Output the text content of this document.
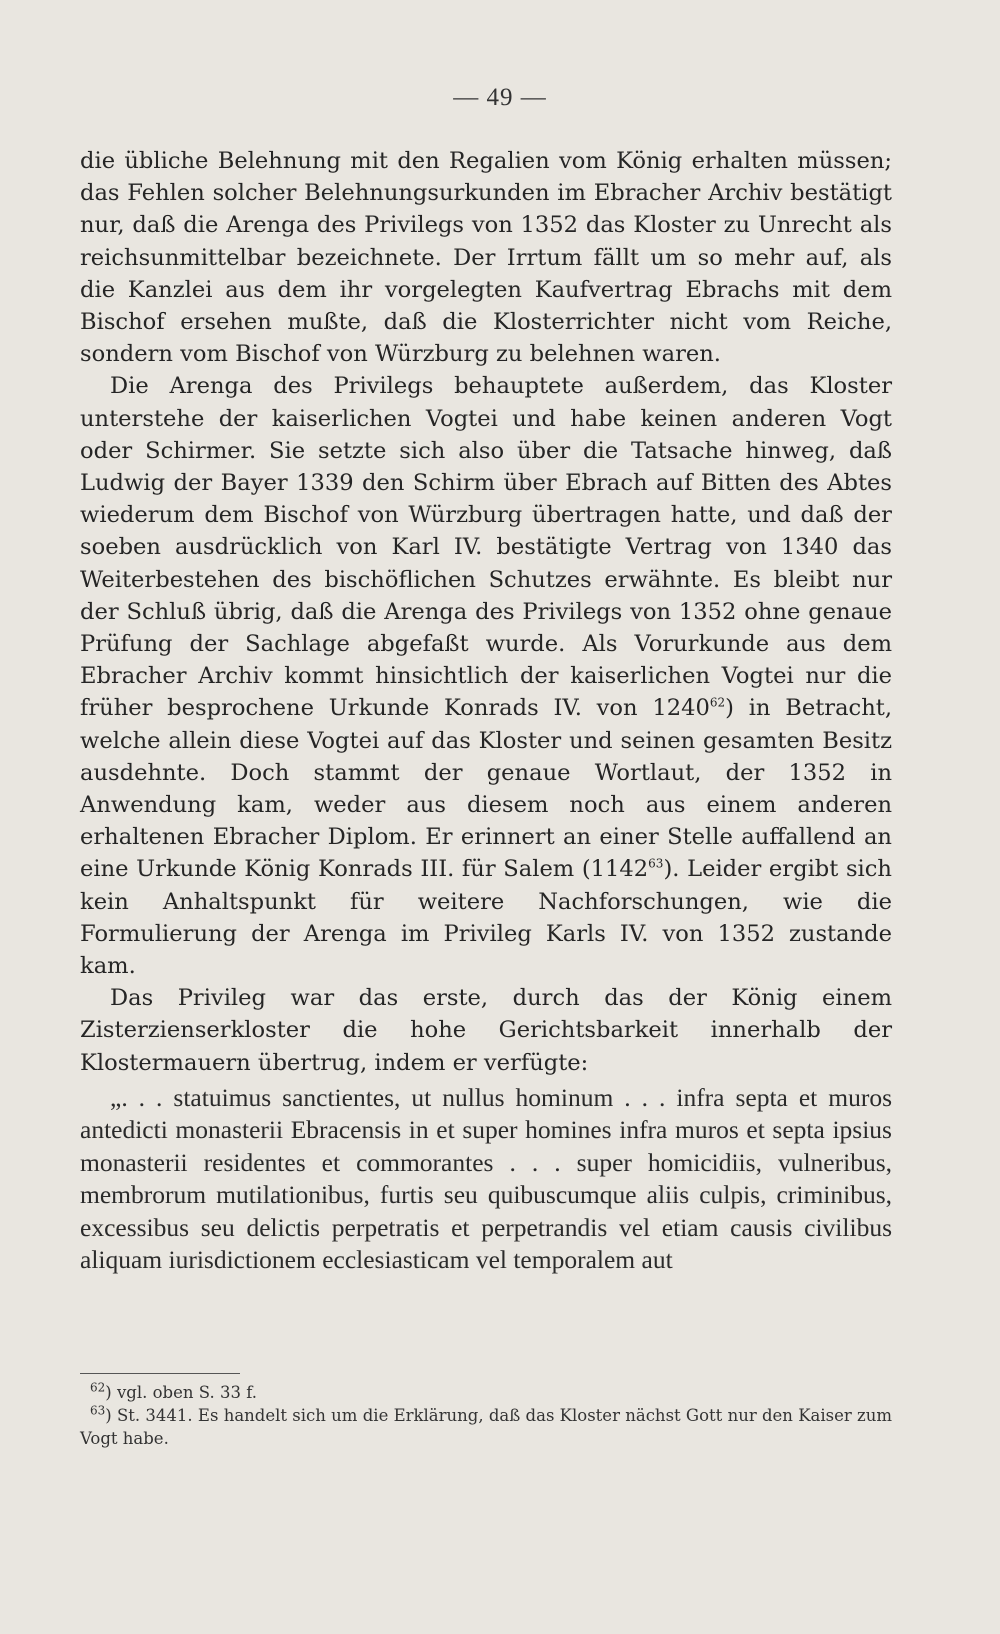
— 49 —

die übliche Belehnung mit den Regalien vom König erhalten müssen; das Fehlen solcher Belehnungsurkunden im Ebracher Archiv bestätigt nur, daß die Arenga des Privilegs von 1352 das Kloster zu Unrecht als reichsunmittelbar bezeichnete. Der Irrtum fällt um so mehr auf, als die Kanzlei aus dem ihr vorgelegten Kaufvertrag Ebrachs mit dem Bischof ersehen mußte, daß die Klosterrichter nicht vom Reiche, sondern vom Bischof von Würzburg zu belehnen waren.

Die Arenga des Privilegs behauptete außerdem, das Kloster unterstehe der kaiserlichen Vogtei und habe keinen anderen Vogt oder Schirmer. Sie setzte sich also über die Tatsache hinweg, daß Ludwig der Bayer 1339 den Schirm über Ebrach auf Bitten des Abtes wiederum dem Bischof von Würzburg übertragen hatte, und daß der soeben ausdrücklich von Karl IV. bestätigte Vertrag von 1340 das Weiterbestehen des bischöflichen Schutzes erwähnte. Es bleibt nur der Schluß übrig, daß die Arenga des Privilegs von 1352 ohne genaue Prüfung der Sachlage abgefaßt wurde. Als Vorurkunde aus dem Ebracher Archiv kommt hinsichtlich der kaiserlichen Vogtei nur die früher besprochene Urkunde Konrads IV. von 1240$^{62}$) in Betracht, welche allein diese Vogtei auf das Kloster und seinen gesamten Besitz ausdehnte. Doch stammt der genaue Wortlaut, der 1352 in Anwendung kam, weder aus diesem noch aus einem anderen erhaltenen Ebracher Diplom. Er erinnert an einer Stelle auffallend an eine Urkunde König Konrads III. für Salem (1142$^{63}$). Leider ergibt sich kein Anhaltspunkt für weitere Nachforschungen, wie die Formulierung der Arenga im Privileg Karls IV. von 1352 zustande kam.

Das Privileg war das erste, durch das der König einem Zisterzienserkloster die hohe Gerichtsbarkeit innerhalb der Klostermauern übertrug, indem er verfügte:

„. . . statuimus sanctientes, ut nullus hominum . . . infra septa et muros antedicti monasterii Ebracensis in et super homines infra muros et septa ipsius monasterii residentes et commorantes . . . super homicidiis, vulneribus, membrorum mutilationibus, furtis seu quibuscumque aliis culpis, criminibus, excessibus seu delictis perpetratis et perpetrandis vel etiam causis civilibus aliquam iurisdictionem ecclesiasticam vel temporalem aut

$^{62}$) vgl. oben S. 33 f.

$^{63}$) St. 3441. Es handelt sich um die Erklärung, daß das Kloster nächst Gott nur den Kaiser zum Vogt habe.
